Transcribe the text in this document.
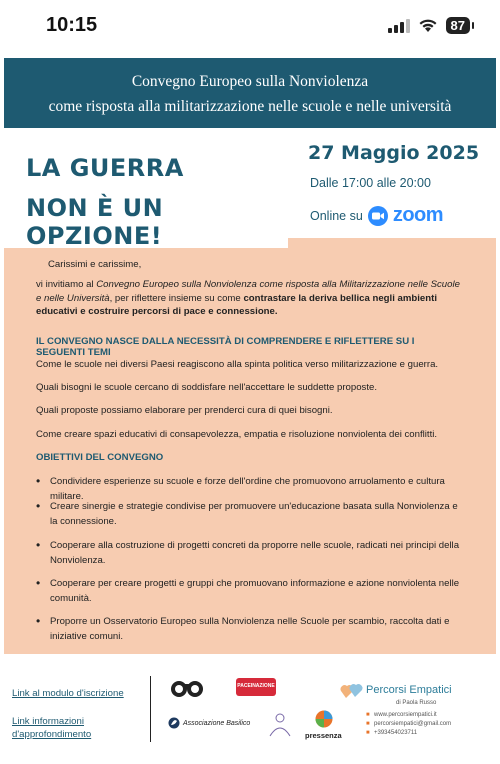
10:15	87
Convegno Europeo sulla Nonviolenza
come risposta alla militarizzazione nelle scuole e nelle università
LA GUERRA
NON È UN OPZIONE!
27 Maggio 2025
Dalle 17:00 alle 20:00
Online su zoom
Carissimi e carissime,
vi invitiamo al Convegno Europeo sulla Nonviolenza come risposta alla Militarizzazione nelle Scuole e nelle Università, per riflettere insieme su come contrastare la deriva bellica negli ambienti educativi e costruire percorsi di pace e connessione.
IL CONVEGNO NASCE DALLA NECESSITÀ DI COMPRENDERE E RIFLETTERE SU I SEGUENTI TEMI
Come le scuole nei diversi Paesi reagiscono alla spinta politica verso militarizzazione e guerra.
Quali bisogni le scuole cercano di soddisfare nell'accettare le suddette proposte.
Quali proposte possiamo elaborare per prenderci cura di quei bisogni.
Come creare spazi educativi di consapevolezza, empatia e risoluzione nonviolenta dei conflitti.
OBIETTIVI DEL CONVEGNO
• Condividere esperienze su scuole e forze dell'ordine che promuovono arruolamento e cultura militare.
• Creare sinergie e strategie condivise per promuovere un'educazione basata sulla Nonviolenza e la connessione.
• Cooperare alla costruzione di progetti concreti da proporre nelle scuole, radicati nei principi della Nonviolenza.
• Cooperare per creare progetti e gruppi che promuovano informazione e azione nonviolenta nelle comunità.
• Proporre un Osservatorio Europeo sulla Nonviolenza nelle Scuole per scambio, raccolta dati e iniziative comuni.
Link al modulo d'iscrizione
Link informazioni
d'approfondimento
PACEINAZIONE
Associazione Basilico
pressenza
Percorsi Empatici
di Paola Russo
■ www.percorsiempatici.it
■ percorsiempatici@gmail.com
■ +393454023711
